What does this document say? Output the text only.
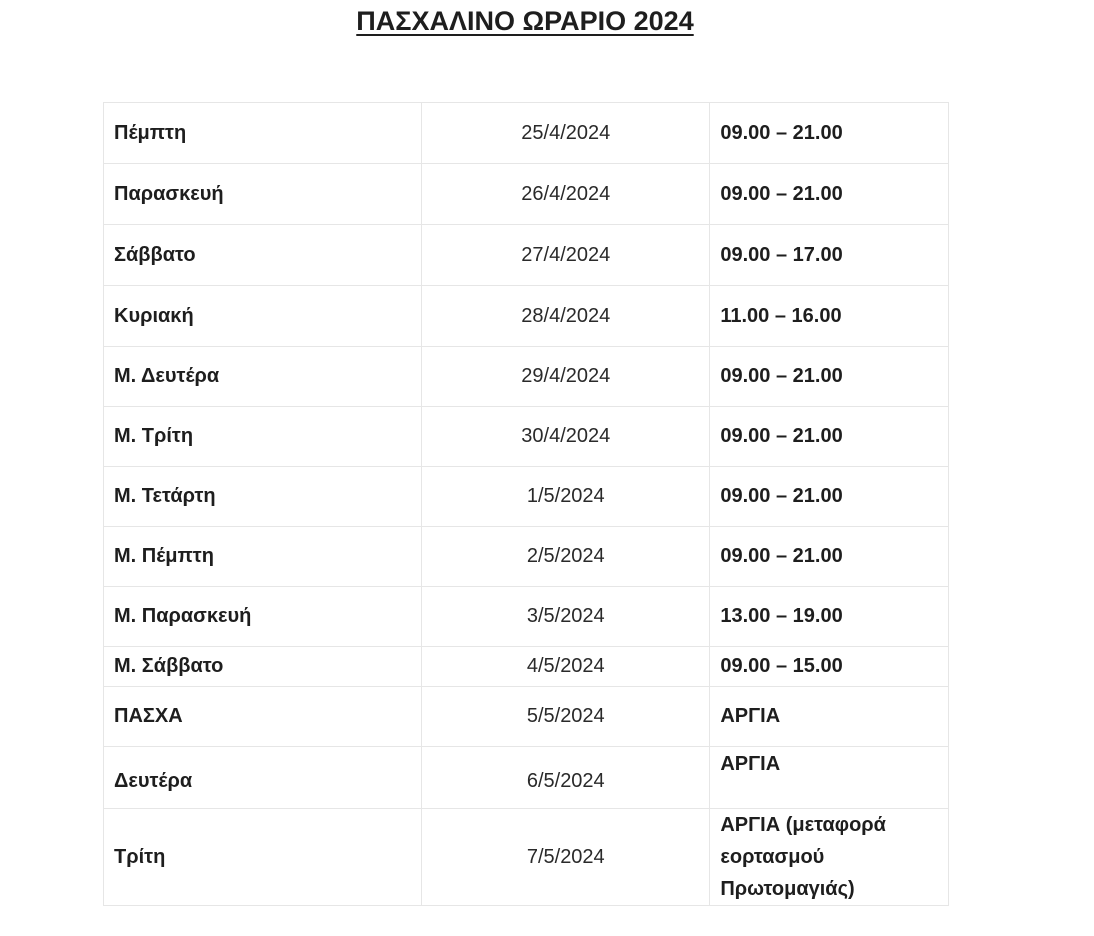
ΠΑΣΧΑΛΙΝΟ ΩΡΑΡΙΟ 2024
Πέμπτη	25/4/2024	09.00 – 21.00
Παρασκευή	26/4/2024	09.00 – 21.00
Σάββατο	27/4/2024	09.00 – 17.00
Κυριακή	28/4/2024	11.00 – 16.00
Μ. Δευτέρα	29/4/2024	09.00 – 21.00
Μ. Τρίτη	30/4/2024	09.00 – 21.00
Μ. Τετάρτη	1/5/2024	09.00 – 21.00
Μ. Πέμπτη	2/5/2024	09.00 – 21.00
Μ. Παρασκευή	3/5/2024	13.00 – 19.00
Μ. Σάββατο	4/5/2024	09.00 – 15.00
ΠΑΣΧΑ	5/5/2024	ΑΡΓΙΑ
Δευτέρα	6/5/2024	ΑΡΓΙΑ
Τρίτη	7/5/2024	ΑΡΓΙΑ (μεταφορά
εορτασμού
Πρωτομαγιάς)
